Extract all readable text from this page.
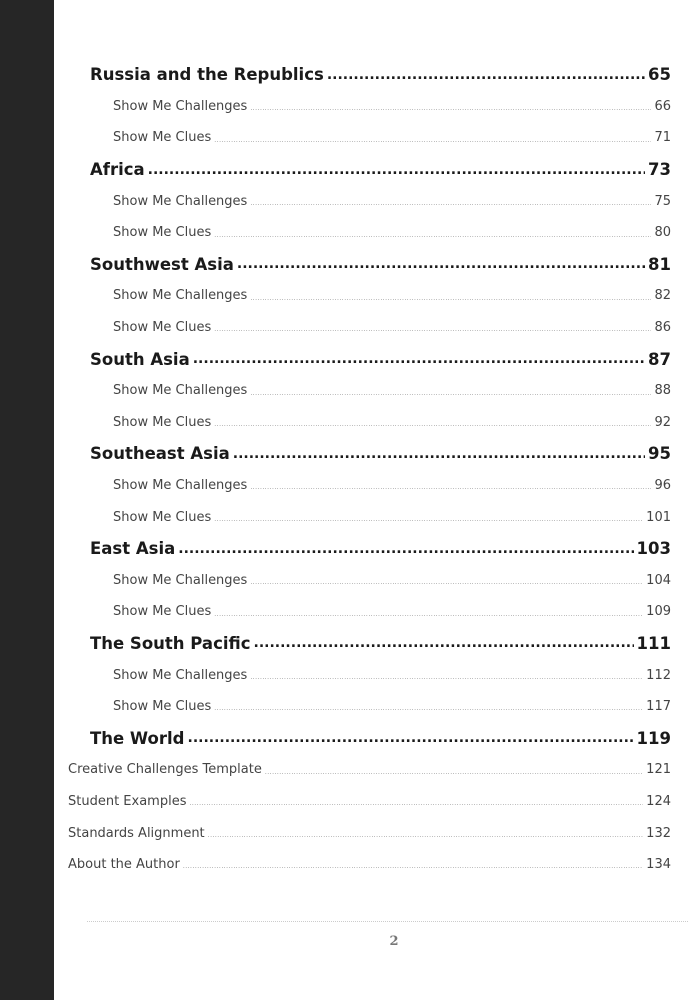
Russia and the Republics .....	65
Show Me Challenges .....	66
Show Me Clues .....	71
Africa .....	73
Show Me Challenges .....	75
Show Me Clues .....	80
Southwest Asia .....	81
Show Me Challenges .....	82
Show Me Clues .....	86
South Asia .....	87
Show Me Challenges .....	88
Show Me Clues .....	92
Southeast Asia .....	95
Show Me Challenges .....	96
Show Me Clues .....	101
East Asia .....	103
Show Me Challenges .....	104
Show Me Clues .....	109
The South Pacific .....	111
Show Me Challenges .....	112
Show Me Clues .....	117
The World .....	119
Creative Challenges Template .....	121
Student Examples .....	124
Standards Alignment .....	132
About the Author .....	134
2
